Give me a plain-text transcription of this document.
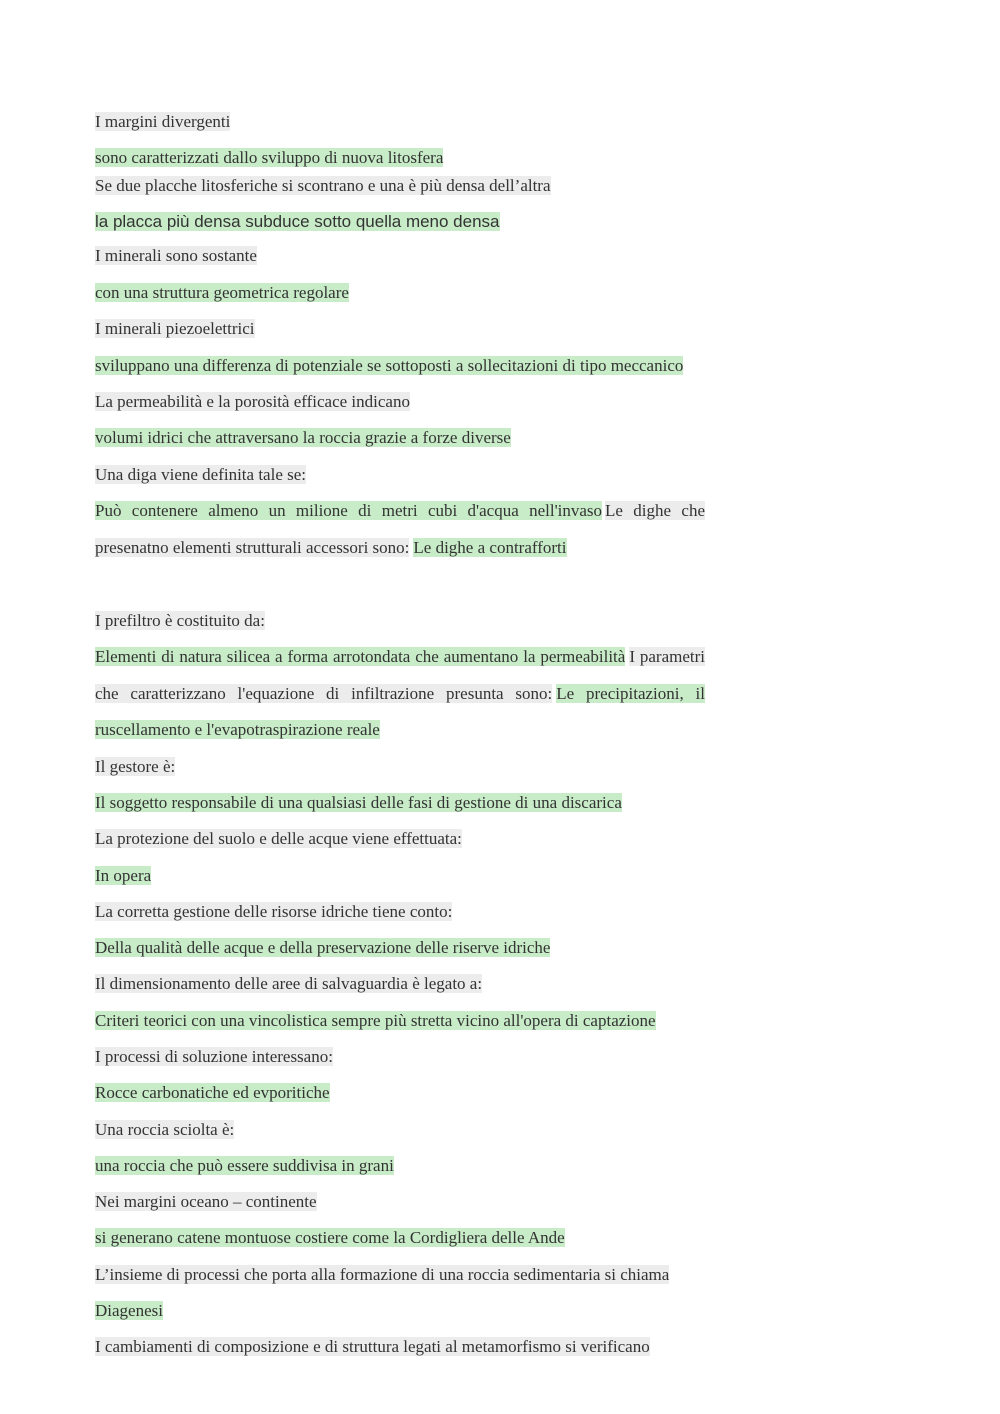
I margini divergenti
sono caratterizzati dallo sviluppo di nuova litosfera
Se due placche litosferiche si scontrano e una è più densa dell’altra
la placca più densa subduce sotto quella meno densa
I minerali sono sostante
con una struttura geometrica regolare
I minerali piezoelettrici
sviluppano una differenza di potenziale se sottoposti a sollecitazioni di tipo meccanico
La permeabilità e la porosità efficace indicano
volumi idrici che attraversano la roccia grazie a forze diverse
Una diga viene definita tale se:
Può contenere almeno un milione di metri cubi d'acqua nell'invaso Le dighe che presenatno elementi strutturali accessori sono: Le dighe a contrafforti
I prefiltro è costituito da:
Elementi di natura silicea a forma arrotondata che aumentano la permeabilità I parametri che caratterizzano l'equazione di infiltrazione presunta sono: Le precipitazioni, il ruscellamento e l'evapotraspirazione reale
Il gestore è:
Il soggetto responsabile di una qualsiasi delle fasi di gestione di una discarica
La protezione del suolo e delle acque viene effettuata:
In opera
La corretta gestione delle risorse idriche tiene conto:
Della qualità delle acque e della preservazione delle riserve idriche
Il dimensionamento delle aree di salvaguardia è legato a:
Criteri teorici con una vincolistica sempre più stretta vicino all'opera di captazione
I processi di soluzione interessano:
Rocce carbonatiche ed evporitiche
Una roccia sciolta è:
una roccia che può essere suddivisa in grani
Nei margini oceano – continente
si generano catene montuose costiere come la Cordigliera delle Ande
L’insieme di processi che porta alla formazione di una roccia sedimentaria si chiama
Diagenesi
I cambiamenti di composizione e di struttura legati al metamorfismo si verificano
